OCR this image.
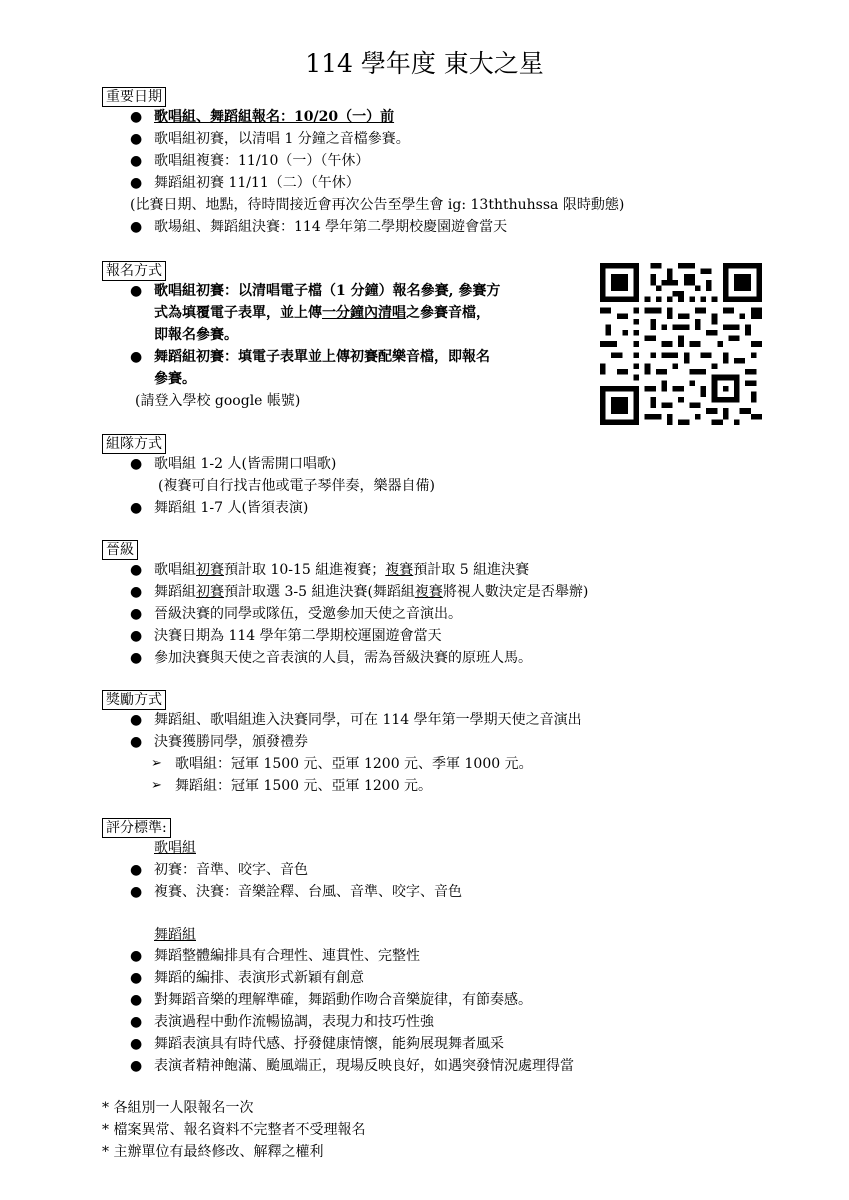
114 學年度 東大之星
重要日期
● 歌唱組、舞蹈組報名：10/20（一）前
● 歌唱組初賽，以清唱 1 分鐘之音檔參賽。
● 歌唱組複賽：11/10（一）（午休）
● 舞蹈組初賽 11/11（二）（午休）
(比賽日期、地點，待時間接近會再次公告至學生會 ig: 13ththuhssa 限時動態)
● 歌場組、舞蹈組決賽：114 學年第二學期校慶園遊會當天
報名方式
● 歌唱組初賽：以清唱電子檔（1 分鐘）報名參賽, 參賽方
式為填覆電子表單，並上傳一分鐘內清唱之參賽音檔，
即報名參賽。
● 舞蹈組初賽：填電子表單並上傳初賽配樂音檔，即報名
參賽。
(請登入學校 google 帳號)
組隊方式
● 歌唱組 1-2 人(皆需開口唱歌)
(複賽可自行找吉他或電子琴伴奏，樂器自備)
● 舞蹈組 1-7 人(皆須表演)
晉級
● 歌唱組初賽預計取 10-15 組進複賽；複賽預計取 5 組進決賽
● 舞蹈組初賽預計取選 3-5 組進決賽(舞蹈組複賽將視人數決定是否舉辦)
● 晉級決賽的同學或隊伍，受邀參加天使之音演出。
● 決賽日期為 114 學年第二學期校運園遊會當天
● 參加決賽與天使之音表演的人員，需為晉級決賽的原班人馬。
獎勵方式
● 舞蹈組、歌唱組進入決賽同學，可在 114 學年第一學期天使之音演出
● 決賽獲勝同學，頒發禮券
➢ 歌唱組：冠軍 1500 元、亞軍 1200 元、季軍 1000 元。
➢ 舞蹈組：冠軍 1500 元、亞軍 1200 元。
評分標準:
歌唱組
● 初賽：音準、咬字、音色
● 複賽、決賽：音樂詮釋、台風、音準、咬字、音色
舞蹈組
● 舞蹈整體編排具有合理性、連貫性、完整性
● 舞蹈的編排、表演形式新穎有創意
● 對舞蹈音樂的理解準確，舞蹈動作吻合音樂旋律，有節奏感。
● 表演過程中動作流暢協調，表現力和技巧性強
● 舞蹈表演具有時代感、抒發健康情懷，能夠展現舞者風采
● 表演者精神飽滿、颱風端正，現場反映良好，如遇突發情況處理得當
* 各組別一人限報名一次
* 檔案異常、報名資料不完整者不受理報名
* 主辦單位有最終修改、解釋之權利
